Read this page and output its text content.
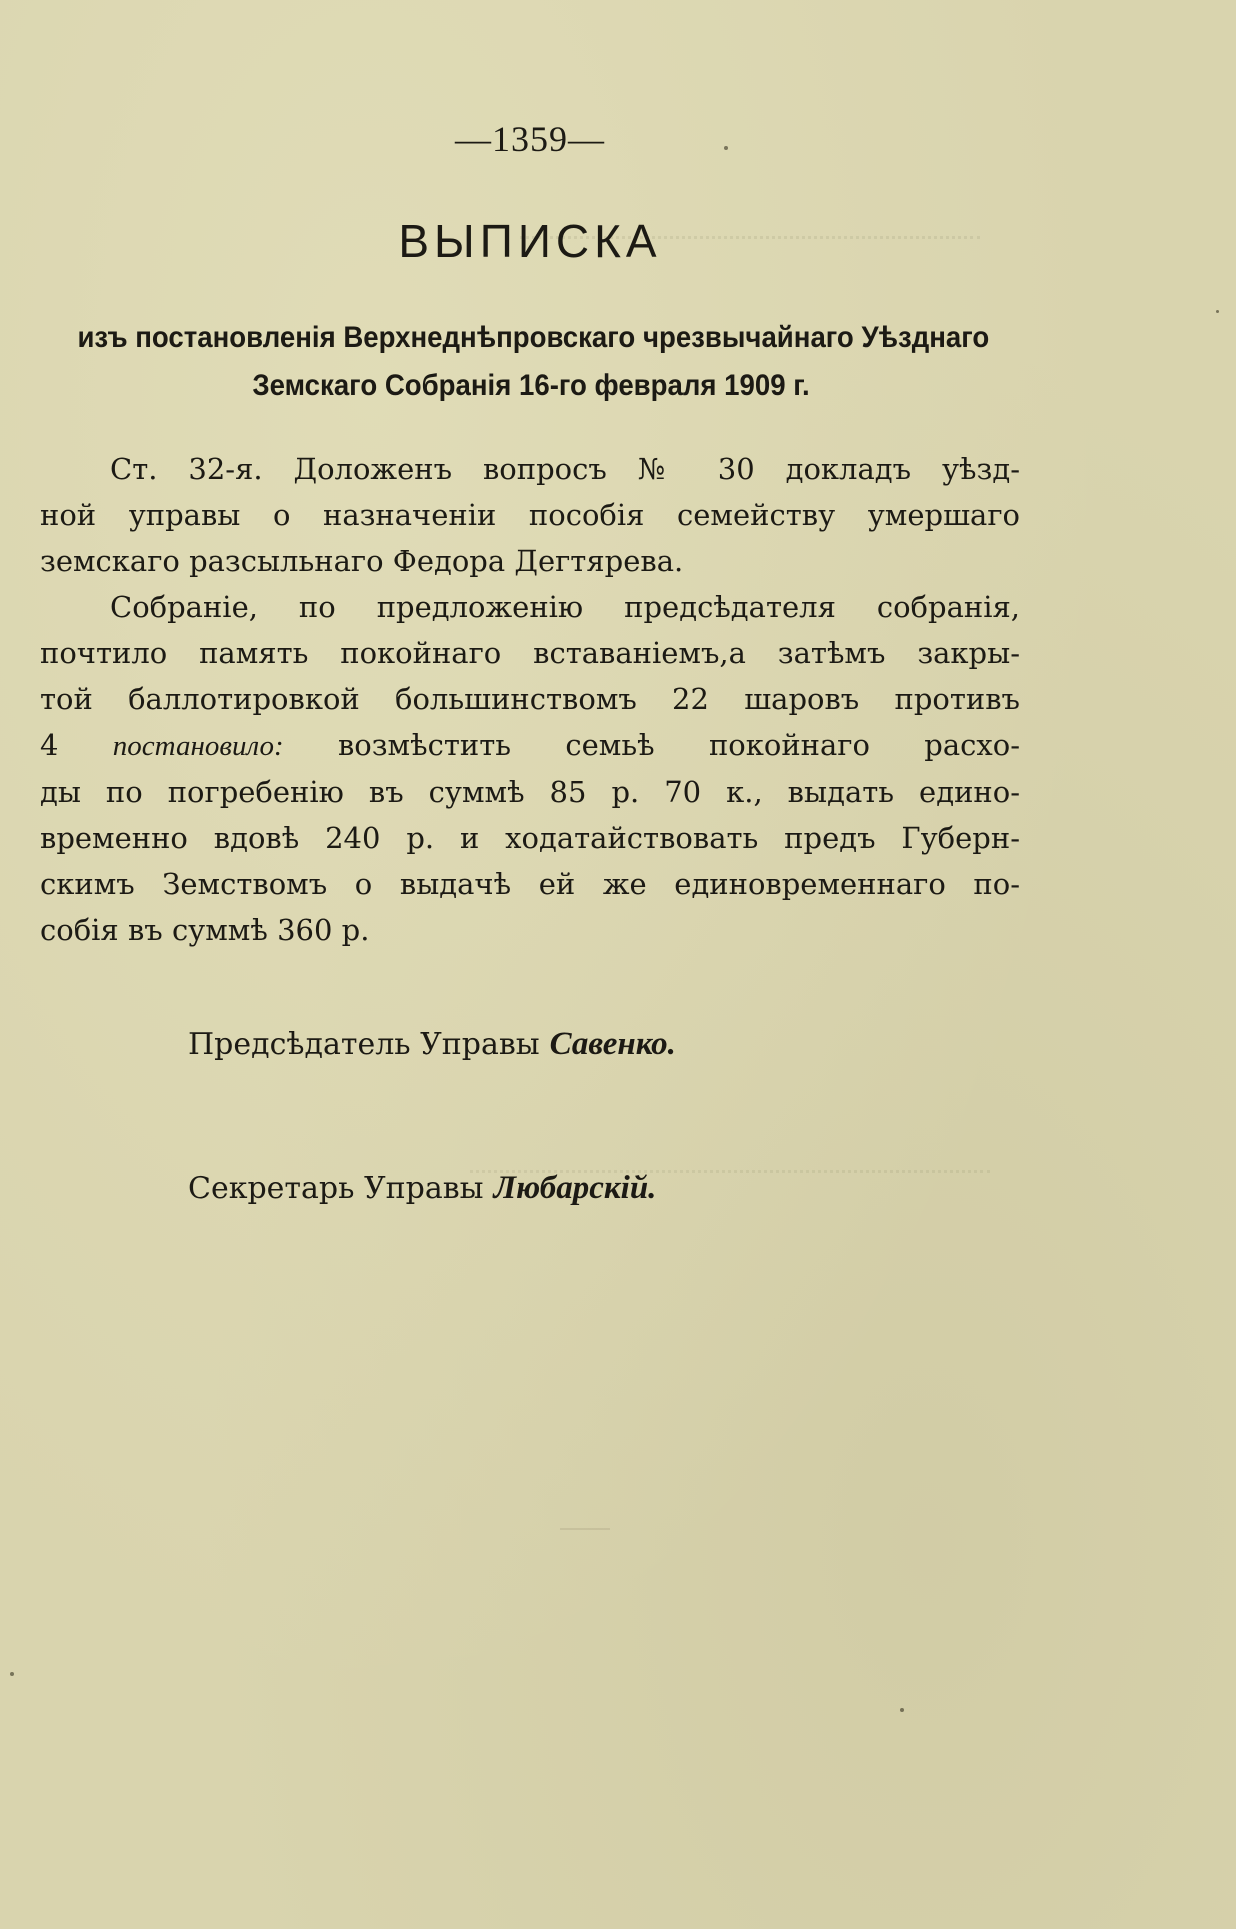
—1359—
ВЫПИСКА
изъ постановленія Верхнеднѣпровскаго чрезвычайнаго Уѣзднаго
Земскаго Собранія 16-го февраля 1909 г.
Ст. 32-я. Доложенъ вопросъ № 30 докладъ уѣзд-
ной управы о назначеніи пособія семейству умершаго
земскаго разсыльнаго Федора Дегтярева.
Собраніе, по предложенію предсѣдателя собранія,
почтило память покойнаго вставаніемъ,а затѣмъ закры-
той баллотировкой большинствомъ 22 шаровъ противъ
4 постановило: возмѣстить семьѣ покойнаго расхо-
ды по погребенію въ суммѣ 85 р. 70 к., выдать едино-
временно вдовѣ 240 р. и ходатайствовать предъ Губерн-
скимъ Земствомъ о выдачѣ ей же единовременнаго по-
собія въ суммѣ 360 р.
Предсѣдатель Управы Савенко.
Секретарь Управы Любарскій.
